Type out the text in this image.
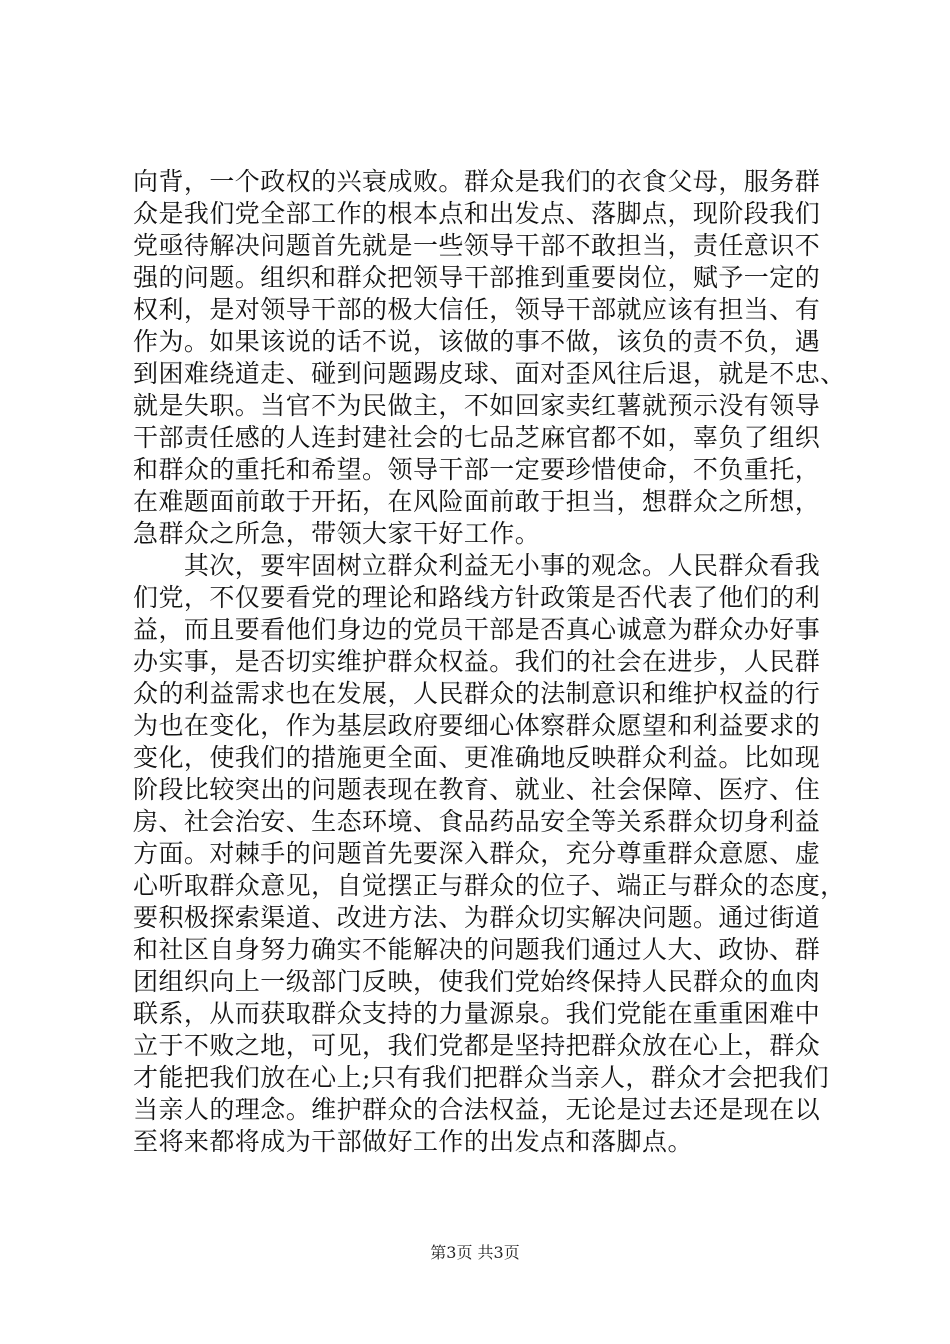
向背，一个政权的兴衰成败。群众是我们的衣食父母，服务群
众是我们党全部工作的根本点和出发点、落脚点，现阶段我们
党亟待解决问题首先就是一些领导干部不敢担当，责任意识不
强的问题。组织和群众把领导干部推到重要岗位，赋予一定的
权利，是对领导干部的极大信任，领导干部就应该有担当、有
作为。如果该说的话不说，该做的事不做，该负的责不负，遇
到困难绕道走、碰到问题踢皮球、面对歪风往后退，就是不忠、
就是失职。当官不为民做主，不如回家卖红薯就预示没有领导
干部责任感的人连封建社会的七品芝麻官都不如，辜负了组织
和群众的重托和希望。领导干部一定要珍惜使命，不负重托，
在难题面前敢于开拓，在风险面前敢于担当，想群众之所想，
急群众之所急，带领大家干好工作。
　　其次，要牢固树立群众利益无小事的观念。人民群众看我
们党，不仅要看党的理论和路线方针政策是否代表了他们的利
益，而且要看他们身边的党员干部是否真心诚意为群众办好事
办实事，是否切实维护群众权益。我们的社会在进步，人民群
众的利益需求也在发展，人民群众的法制意识和维护权益的行
为也在变化，作为基层政府要细心体察群众愿望和利益要求的
变化，使我们的措施更全面、更准确地反映群众利益。比如现
阶段比较突出的问题表现在教育、就业、社会保障、医疗、住
房、社会治安、生态环境、食品药品安全等关系群众切身利益
方面。对棘手的问题首先要深入群众，充分尊重群众意愿、虚
心听取群众意见，自觉摆正与群众的位子、端正与群众的态度，
要积极探索渠道、改进方法、为群众切实解决问题。通过街道
和社区自身努力确实不能解决的问题我们通过人大、政协、群
团组织向上一级部门反映，使我们党始终保持人民群众的血肉
联系，从而获取群众支持的力量源泉。我们党能在重重困难中
立于不败之地，可见，我们党都是坚持把群众放在心上，群众
才能把我们放在心上;只有我们把群众当亲人，群众才会把我们
当亲人的理念。维护群众的合法权益，无论是过去还是现在以
至将来都将成为干部做好工作的出发点和落脚点。
第3页 共3页
